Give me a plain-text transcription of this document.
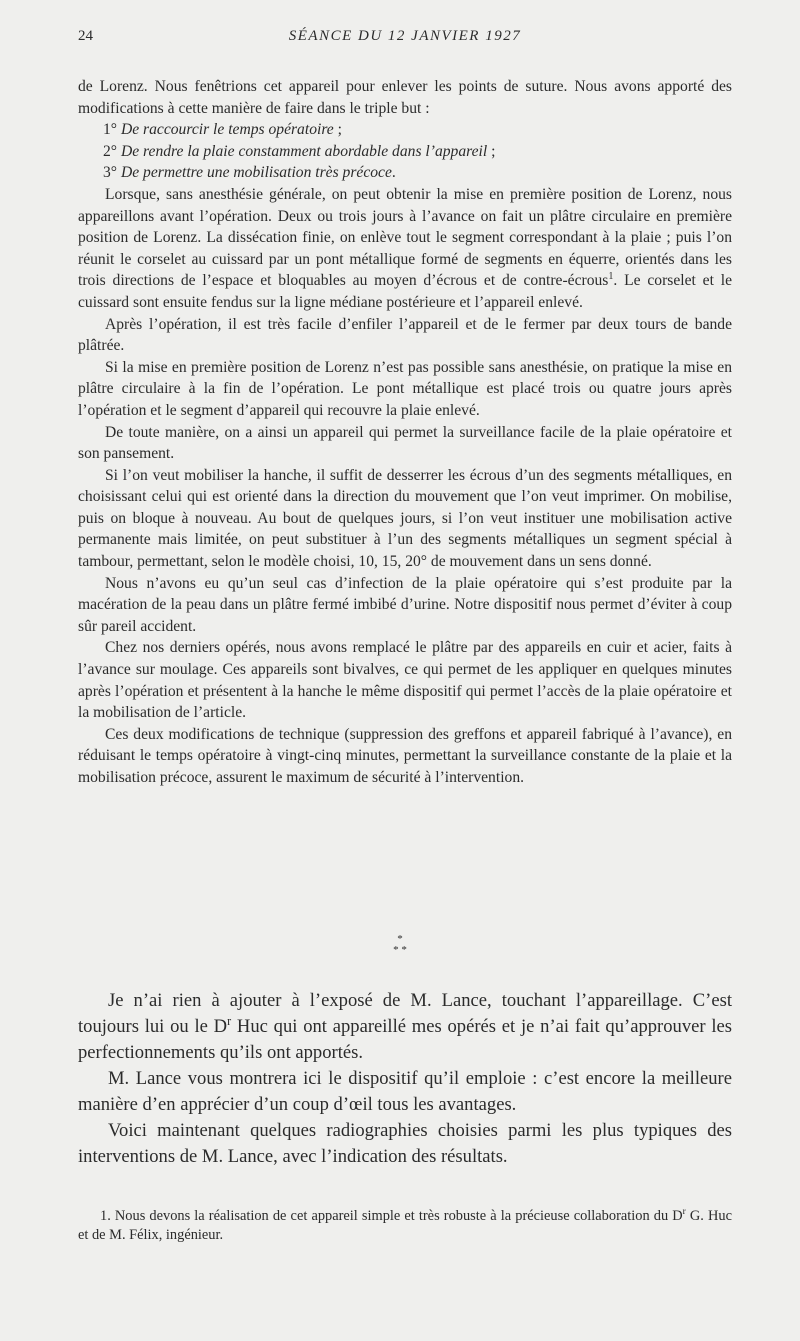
24	SÉANCE DU 12 JANVIER 1927

de Lorenz. Nous fenêtrions cet appareil pour enlever les points de suture. Nous avons apporté des modifications à cette manière de faire dans le triple but :

1° De raccourcir le temps opératoire ;
2° De rendre la plaie constamment abordable dans l’appareil ;
3° De permettre une mobilisation très précoce.

Lorsque, sans anesthésie générale, on peut obtenir la mise en première position de Lorenz, nous appareillons avant l’opération. Deux ou trois jours à l’avance on fait un plâtre circulaire en première position de Lorenz. La dissécation finie, on enlève tout le segment correspondant à la plaie ; puis l’on réunit le corselet au cuissard par un pont métallique formé de segments en équerre, orientés dans les trois directions de l’espace et bloquables au moyen d’écrous et de contre-écrous$^1$. Le corselet et le cuissard sont ensuite fendus sur la ligne médiane postérieure et l’appareil enlevé.

Après l’opération, il est très facile d’enfiler l’appareil et de le fermer par deux tours de bande plâtrée.

Si la mise en première position de Lorenz n’est pas possible sans anesthésie, on pratique la mise en plâtre circulaire à la fin de l’opération. Le pont métallique est placé trois ou quatre jours après l’opération et le segment d’appareil qui recouvre la plaie enlevé.

De toute manière, on a ainsi un appareil qui permet la surveillance facile de la plaie opératoire et son pansement.

Si l’on veut mobiliser la hanche, il suffit de desserrer les écrous d’un des segments métalliques, en choisissant celui qui est orienté dans la direction du mouvement que l’on veut imprimer. On mobilise, puis on bloque à nouveau. Au bout de quelques jours, si l’on veut instituer une mobilisation active permanente mais limitée, on peut substituer à l’un des segments métalliques un segment spécial à tambour, permettant, selon le modèle choisi, 10, 15, 20° de mouvement dans un sens donné.

Nous n’avons eu qu’un seul cas d’infection de la plaie opératoire qui s’est produite par la macération de la peau dans un plâtre fermé imbibé d’urine. Notre dispositif nous permet d’éviter à coup sûr pareil accident.

Chez nos derniers opérés, nous avons remplacé le plâtre par des appareils en cuir et acier, faits à l’avance sur moulage. Ces appareils sont bivalves, ce qui permet de les appliquer en quelques minutes après l’opération et présentent à la hanche le même dispositif qui permet l’accès de la plaie opératoire et la mobilisation de l’article.

Ces deux modifications de technique (suppression des greffons et appareil fabriqué à l’avance), en réduisant le temps opératoire à vingt-cinq minutes, permettant la surveillance constante de la plaie et la mobilisation précoce, assurent le maximum de sécurité à l’intervention.

*
* *

Je n’ai rien à ajouter à l’exposé de M. Lance, touchant l’appareillage. C’est toujours lui ou le $D^r$ Huc qui ont appareillé mes opérés et je n’ai fait qu’approuver les perfectionnements qu’ils ont apportés.

M. Lance vous montrera ici le dispositif qu’il emploie : c’est encore la meilleure manière d’en apprécier d’un coup d’œil tous les avantages.

Voici maintenant quelques radiographies choisies parmi les plus typiques des interventions de M. Lance, avec l’indication des résultats.

1. Nous devons la réalisation de cet appareil simple et très robuste à la précieuse collaboration du $D^r$ G. Huc et de M. Félix, ingénieur.
